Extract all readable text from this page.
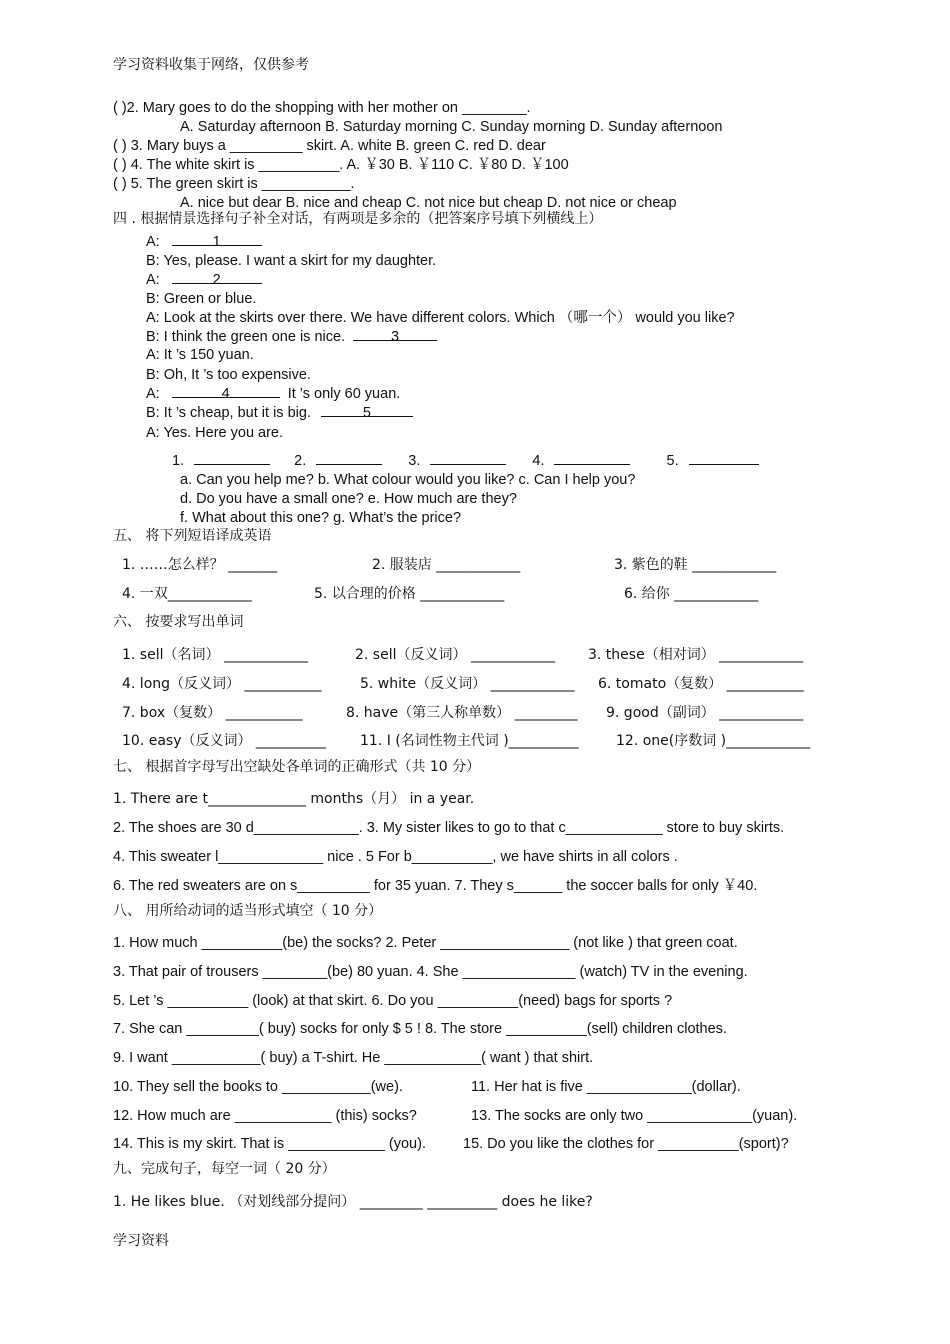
学习资料收集于网络，仅供参考
( )2. Mary goes to do the shopping with her mother on ________.
A. Saturday afternoon B. Saturday morning C. Sunday morning D. Sunday afternoon
( ) 3. Mary buys a _________ skirt. A. white B. green C. red D. dear
( ) 4. The white skirt is __________. A. ￥30 B. ￥110 C. ￥80 D. ￥100
( ) 5. The green skirt is ___________.
A. nice but dear B. nice and cheap C. not nice but cheap D. not nice or cheap
四 . 根据情景选择句子补全对话，有两项是多余的（把答案序号填下列横线上）
A:	1
B: Yes, please. I want a skirt for my daughter.
A:	2
B: Green or blue.
A: Look at the skirts over there. We have different colors. Which （哪一个） would you like?
B: I think the green one is nice.	3
A: It ’s 150 yuan.
B: Oh, It ’s too expensive.
A:	4	It ’s only 60 yuan.
B: It ’s cheap, but it is big.	5
A: Yes. Here you are.
1.	2.	3.	4.	5.
a. Can you help me? b. What colour would you like? c. Can I help you?
d. Do you have a small one? e. How much are they?
f. What about this one? g. What’s the price?
五、 将下列短语译成英语
1. ……怎么样？ _______	2. 服装店 ____________	3. 紫色的鞋 ____________
4. 一双____________	5. 以合理的价格 ____________	6. 给你 ____________
六、 按要求写出单词
1. sell（名词） ____________	2. sell（反义词） ____________ 3. these（相对词） ____________
4. long（反义词） ___________	5. white（反义词） ____________ 6. tomato（复数） ___________
7. box（复数） ___________	8. have（第三人称单数） _________ 9. good（副词） ____________
10. easy（反义词） __________ 11. I (名词性物主代词 )__________	12. one(序数词 )____________
七、 根据首字母写出空缺处各单词的正确形式（共 10 分）
1. There are t______________ months（月） in a year.
2. The shoes are 30 d_____________. 3. My sister likes to go to that c____________ store to buy skirts.
4. This sweater l_____________ nice . 5 For b__________, we have shirts in all colors .
6. The red sweaters are on s_________ for 35 yuan. 7. They s______ the soccer balls for only ￥40.
八、 用所给动词的适当形式填空（ 10 分）
1. How much __________(be) the socks? 2. Peter ________________ (not like ) that green coat.
3. That pair of trousers ________(be) 80 yuan. 4. She ______________ (watch) TV in the evening.
5. Let ’s __________ (look) at that skirt. 6. Do you __________(need) bags for sports ?
7. She can _________( buy) socks for only $ 5 ! 8. The store __________(sell) children clothes.
9. I want ___________( buy) a T-shirt. He ____________( want ) that shirt.
10. They sell the books to ___________(we).	11. Her hat is five _____________(dollar).
12. How much are ____________ (this) socks?	13. The socks are only two _____________(yuan).
14. This is my skirt. That is ____________ (you).	15. Do you like the clothes for __________(sport)?
九、完成句子，每空一词（ 20 分）
1. He likes blue. （对划线部分提问） _________ __________ does he like?
学习资料
